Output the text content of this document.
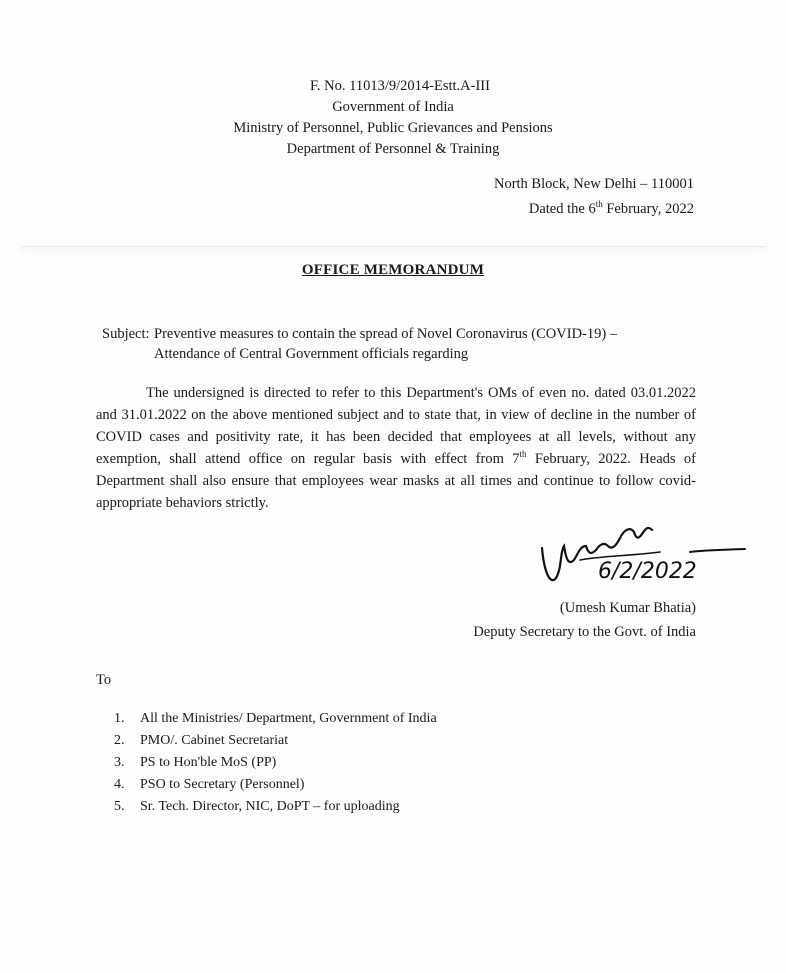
F. No. 11013/9/2014-Estt.A-III
Government of India
Ministry of Personnel, Public Grievances and Pensions
Department of Personnel & Training
North Block, New Delhi – 110001
Dated the 6th February, 2022
OFFICE MEMORANDUM
Subject: Preventive measures to contain the spread of Novel Coronavirus (COVID-19) –
Attendance of Central Government officials regarding
The undersigned is directed to refer to this Department's OMs of even no. dated 03.01.2022 and 31.01.2022 on the above mentioned subject and to state that, in view of decline in the number of COVID cases and positivity rate, it has been decided that employees at all levels, without any exemption, shall attend office on regular basis with effect from 7th February, 2022. Heads of Department shall also ensure that employees wear masks at all times and continue to follow covid-appropriate behaviors strictly.
6/2/2022
(Umesh Kumar Bhatia)
Deputy Secretary to the Govt. of India
To
1. All the Ministries/ Department, Government of India
2. PMO/. Cabinet Secretariat
3. PS to Hon'ble MoS (PP)
4. PSO to Secretary (Personnel)
5. Sr. Tech. Director, NIC, DoPT – for uploading
